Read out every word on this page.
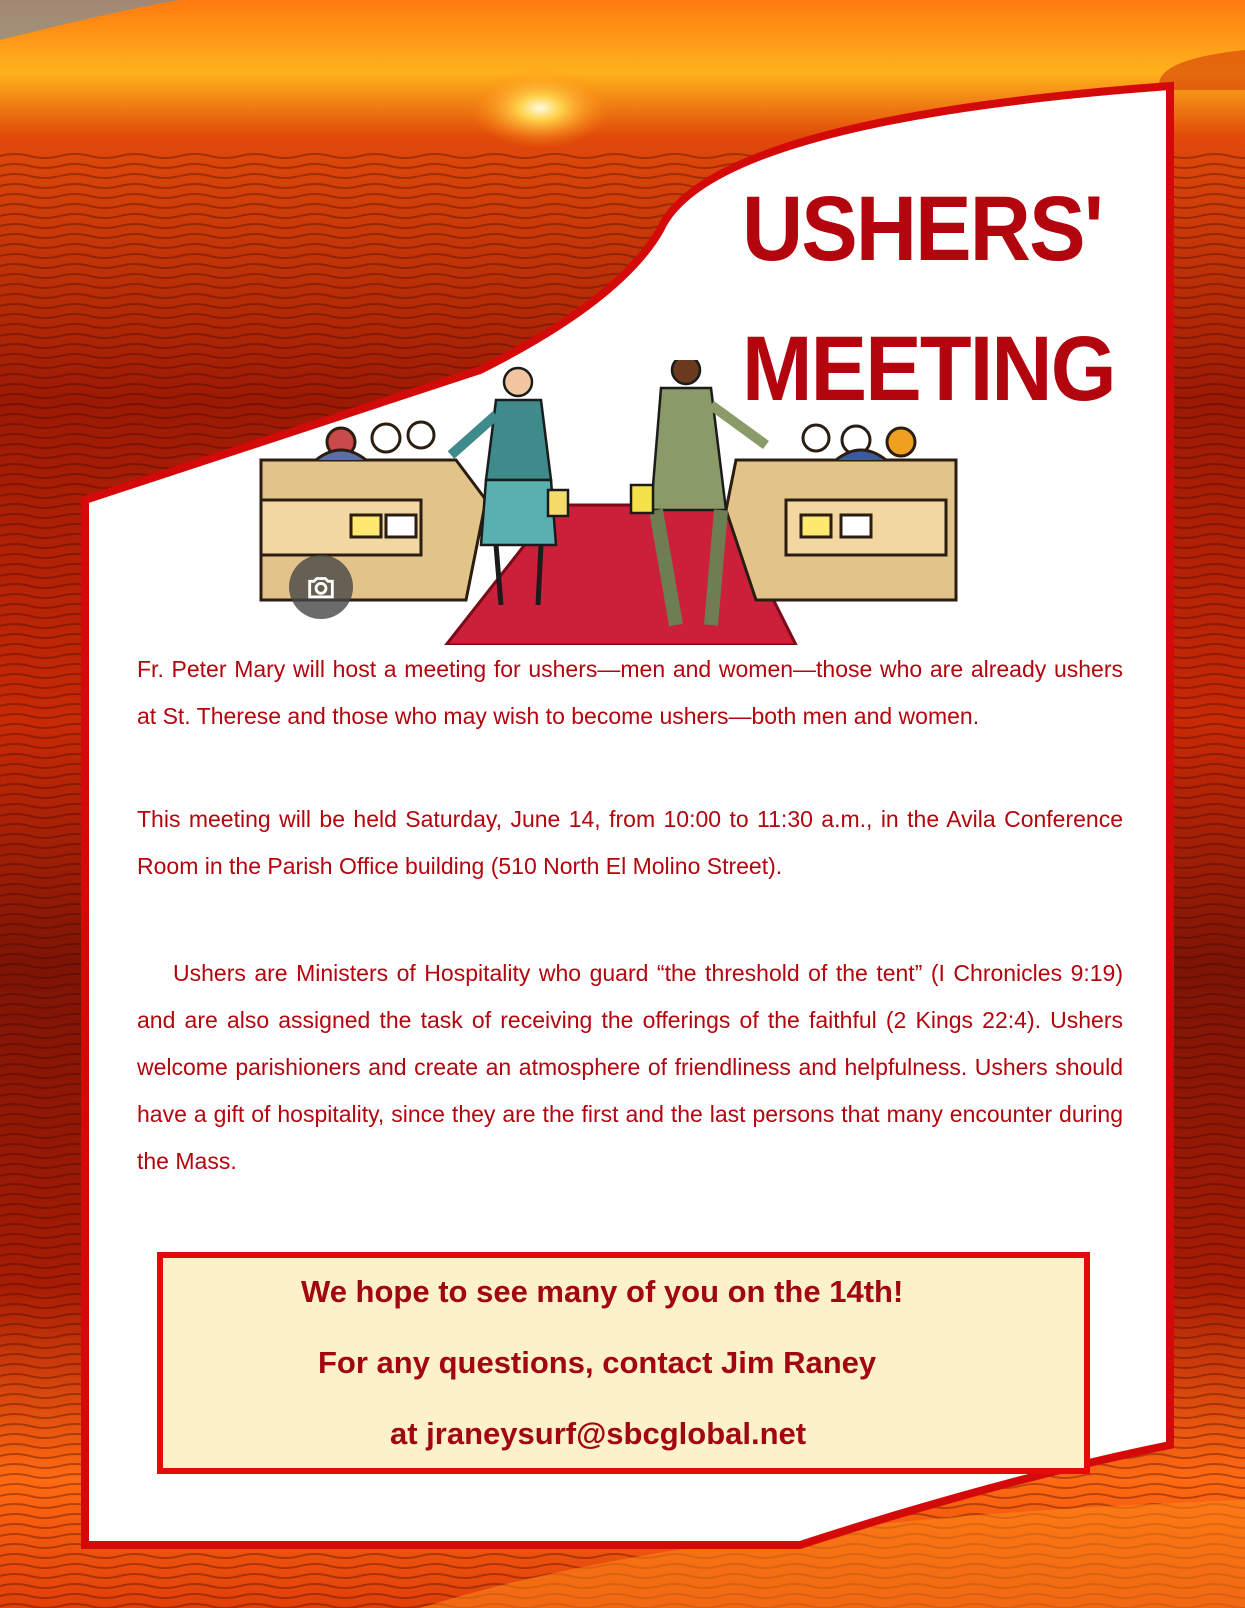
USHERS'
MEETING

Fr. Peter Mary will host a meeting for ushers—men and women—those who are already ushers at St. Therese and those who may wish to become ushers—both men and women.

This meeting will be held Saturday, June 14, from 10:00 to 11:30 a.m., in the Avila Conference Room in the Parish Office building (510 North El Molino Street).

Ushers are Ministers of Hospitality who guard “the threshold of the tent” (I Chronicles 9:19) and are also assigned the task of receiving the offerings of the faithful (2 Kings 22:4). Ushers welcome parishioners and create an atmosphere of friendliness and helpfulness. Ushers should have a gift of hospitality, since they are the first and the last persons that many encounter during the Mass.

We hope to see many of you on the 14th!

For any questions, contact Jim Raney

at jraneysurf@sbcglobal.net
